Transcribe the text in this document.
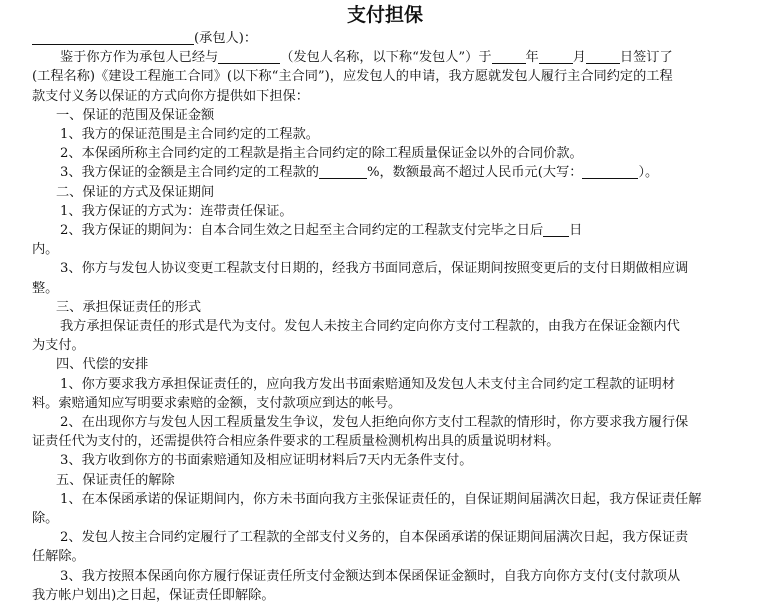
支付担保
(承包人)：
鉴于你方作为承包人已经与	（发包人名称，以下称“发包人”）于	年	月	日签订了
(工程名称)《建设工程施工合同》(以下称“主合同”)，应发包人的申请，我方愿就发包人履行主合同约定的工程
款支付义务以保证的方式向你方提供如下担保：
一、保证的范围及保证金额
1、我方的保证范围是主合同约定的工程款。
2、本保函所称主合同约定的工程款是指主合同约定的除工程质量保证金以外的合同价款。
3、我方保证的金额是主合同约定的工程款的	%，数额最高不超过人民币元(大写：	）。
二、保证的方式及保证期间
1、我方保证的方式为：连带责任保证。
2、我方保证的期间为：自本合同生效之日起至主合同约定的工程款支付完毕之日后 日
内。
3、你方与发包人协议变更工程款支付日期的，经我方书面同意后，保证期间按照变更后的支付日期做相应调
整。
三、承担保证责任的形式
我方承担保证责任的形式是代为支付。发包人未按主合同约定向你方支付工程款的，由我方在保证金额内代
为支付。
四、代偿的安排
1、你方要求我方承担保证责任的，应向我方发出书面索赔通知及发包人未支付主合同约定工程款的证明材
料。索赔通知应写明要求索赔的金额，支付款项应到达的帐号。
2、在出现你方与发包人因工程质量发生争议，发包人拒绝向你方支付工程款的情形时，你方要求我方履行保
证责任代为支付的，还需提供符合相应条件要求的工程质量检测机构出具的质量说明材料。
3、我方收到你方的书面索赔通知及相应证明材料后7天内无条件支付。
五、保证责任的解除
1、在本保函承诺的保证期间内，你方未书面向我方主张保证责任的，自保证期间届满次日起，我方保证责任解
除。
2、发包人按主合同约定履行了工程款的全部支付义务的，自本保函承诺的保证期间届满次日起，我方保证责
任解除。
3、我方按照本保函向你方履行保证责任所支付金额达到本保函保证金额时，自我方向你方支付(支付款项从
我方帐户划出)之日起，保证责任即解除。
